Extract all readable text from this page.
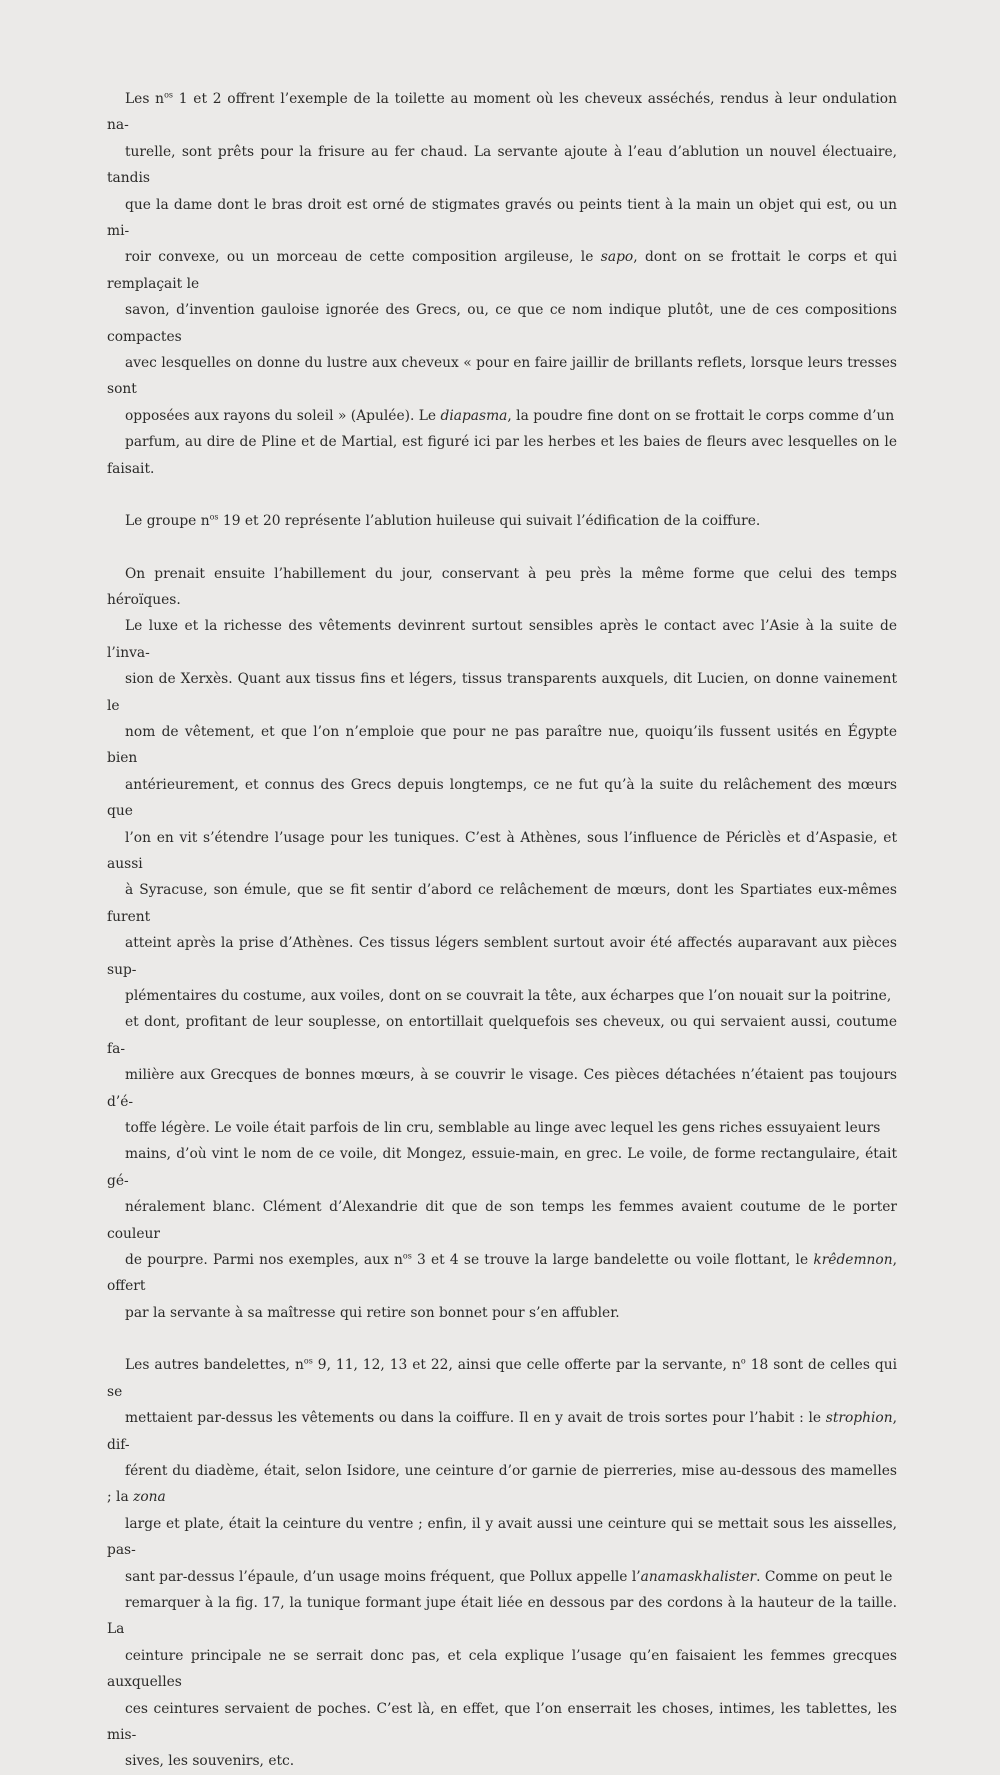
Les $n^{os}$ 1 et 2 offrent l’exemple de la toilette au moment où les cheveux asséchés, rendus à leur ondulation na-
turelle, sont prêts pour la frisure au fer chaud. La servante ajoute à l’eau d’ablution un nouvel électuaire, tandis
que la dame dont le bras droit est orné de stigmates gravés ou peints tient à la main un objet qui est, ou un mi-
roir convexe, ou un morceau de cette composition argileuse, le sapo, dont on se frottait le corps et qui remplaçait le
savon, d’invention gauloise ignorée des Grecs, ou, ce que ce nom indique plutôt, une de ces compositions compactes
avec lesquelles on donne du lustre aux cheveux « pour en faire jaillir de brillants reflets, lorsque leurs tresses sont
opposées aux rayons du soleil » (Apulée). Le diapasma, la poudre fine dont on se frottait le corps comme d’un
parfum, au dire de Pline et de Martial, est figuré ici par les herbes et les baies de fleurs avec lesquelles on le faisait.

Le groupe $n^{os}$ 19 et 20 représente l’ablution huileuse qui suivait l’édification de la coiffure.

On prenait ensuite l’habillement du jour, conservant à peu près la même forme que celui des temps héroïques.
Le luxe et la richesse des vêtements devinrent surtout sensibles après le contact avec l’Asie à la suite de l’inva-
sion de Xerxès. Quant aux tissus fins et légers, tissus transparents auxquels, dit Lucien, on donne vainement le
nom de vêtement, et que l’on n’emploie que pour ne pas paraître nue, quoiqu’ils fussent usités en Égypte bien
antérieurement, et connus des Grecs depuis longtemps, ce ne fut qu’à la suite du relâchement des mœurs que
l’on en vit s’étendre l’usage pour les tuniques. C’est à Athènes, sous l’influence de Périclès et d’Aspasie, et aussi
à Syracuse, son émule, que se fit sentir d’abord ce relâchement de mœurs, dont les Spartiates eux-mêmes furent
atteint après la prise d’Athènes. Ces tissus légers semblent surtout avoir été affectés auparavant aux pièces sup-
plémentaires du costume, aux voiles, dont on se couvrait la tête, aux écharpes que l’on nouait sur la poitrine,
et dont, profitant de leur souplesse, on entortillait quelquefois ses cheveux, ou qui servaient aussi, coutume fa-
milière aux Grecques de bonnes mœurs, à se couvrir le visage. Ces pièces détachées n’étaient pas toujours d’é-
toffe légère. Le voile était parfois de lin cru, semblable au linge avec lequel les gens riches essuyaient leurs
mains, d’où vint le nom de ce voile, dit Mongez, essuie-main, en grec. Le voile, de forme rectangulaire, était gé-
néralement blanc. Clément d’Alexandrie dit que de son temps les femmes avaient coutume de le porter couleur
de pourpre. Parmi nos exemples, aux $n^{os}$ 3 et 4 se trouve la large bandelette ou voile flottant, le krêdemnon, offert
par la servante à sa maîtresse qui retire son bonnet pour s’en affubler.

Les autres bandelettes, $n^{os}$ 9, 11, 12, 13 et 22, ainsi que celle offerte par la servante, $n^o$ 18 sont de celles qui se
mettaient par-dessus les vêtements ou dans la coiffure. Il en y avait de trois sortes pour l’habit : le strophion, dif-
férent du diadème, était, selon Isidore, une ceinture d’or garnie de pierreries, mise au-dessous des mamelles ; la zona
large et plate, était la ceinture du ventre ; enfin, il y avait aussi une ceinture qui se mettait sous les aisselles, pas-
sant par-dessus l’épaule, d’un usage moins fréquent, que Pollux appelle l’anamaskhalister. Comme on peut le
remarquer à la fig. 17, la tunique formant jupe était liée en dessous par des cordons à la hauteur de la taille. La
ceinture principale ne se serrait donc pas, et cela explique l’usage qu’en faisaient les femmes grecques auxquelles
ces ceintures servaient de poches. C’est là, en effet, que l’on enserrait les choses, intimes, les tablettes, les mis-
sives, les souvenirs, etc.
